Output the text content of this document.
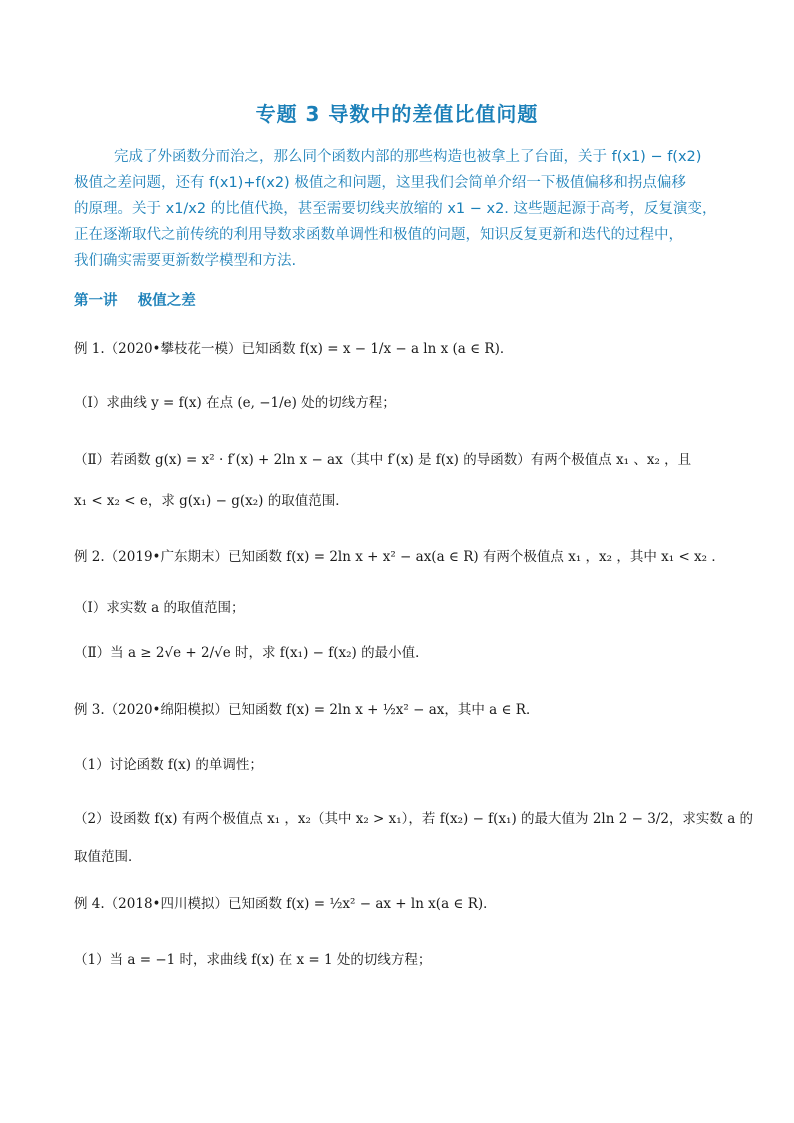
专题 3 导数中的差值比值问题
完成了外函数分而治之，那么同个函数内部的那些构造也被拿上了台面，关于 f(x1) − f(x2)
极值之差问题，还有 f(x1)+f(x2) 极值之和问题，这里我们会简单介绍一下极值偏移和拐点偏移
的原理。关于 x1/x2 的比值代换，甚至需要切线夹放缩的 x1 − x2. 这些题起源于高考，反复演变，
正在逐渐取代之前传统的利用导数求函数单调性和极值的问题，知识反复更新和迭代的过程中，
我们确实需要更新数学模型和方法.
第一讲    极值之差
例 1.（2020•攀枝花一模）已知函数 f(x) = x − 1/x − a ln x (a ∈ R)．
（Ⅰ）求曲线 y = f(x) 在点 (e, −1/e) 处的切线方程；
（Ⅱ）若函数 g(x) = x² · f′(x) + 2ln x − ax（其中 f′(x) 是 f(x) 的导函数）有两个极值点 x₁ 、x₂ ，且
x₁ < x₂ < e，求 g(x₁) − g(x₂) 的取值范围．
例 2.（2019•广东期末）已知函数 f(x) = 2ln x + x² − ax(a ∈ R) 有两个极值点 x₁ ，x₂ ，其中 x₁ < x₂ ．
（Ⅰ）求实数 a 的取值范围；
（Ⅱ）当 a ≥ 2√e + 2/√e 时，求 f(x₁) − f(x₂) 的最小值．
例 3.（2020•绵阳模拟）已知函数 f(x) = 2ln x + ½x² − ax，其中 a ∈ R．
（1）讨论函数 f(x) 的单调性；
（2）设函数 f(x) 有两个极值点 x₁ ，x₂（其中 x₂ > x₁），若 f(x₂) − f(x₁) 的最大值为 2ln 2 − 3/2，求实数 a 的
取值范围．
例 4.（2018•四川模拟）已知函数 f(x) = ½x² − ax + ln x(a ∈ R)．
（1）当 a = −1 时，求曲线 f(x) 在 x = 1 处的切线方程；
